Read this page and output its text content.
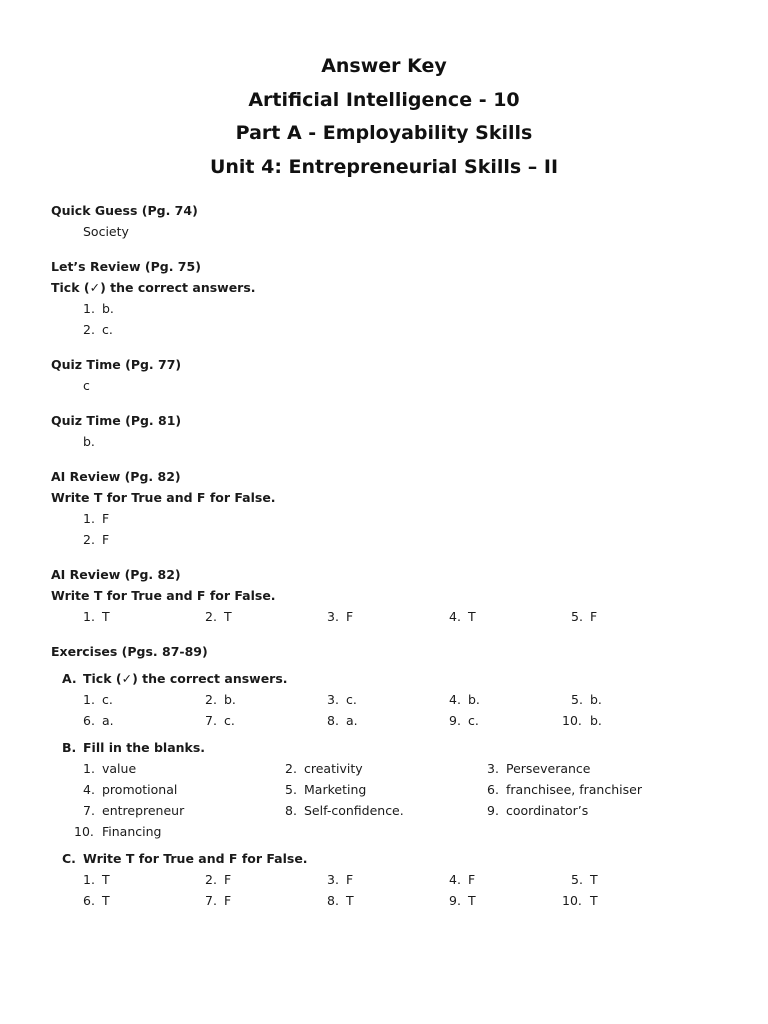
Answer Key
Artificial Intelligence - 10
Part A - Employability Skills
Unit 4: Entrepreneurial Skills – II
Quick Guess (Pg. 74)
Society
Let’s Review (Pg. 75)
Tick (✓) the correct answers.
1. b.
2. c.
Quiz Time (Pg. 77)
c
Quiz Time (Pg. 81)
b.
AI Review (Pg. 82)
Write T for True and F for False.
1. F
2. F
AI Review (Pg. 82)
Write T for True and F for False.
1. T	2. T	3. F	4. T	5. F
Exercises (Pgs. 87-89)
A. Tick (✓) the correct answers.
1. c.	2. b.	3. c.	4. b.	5. b.
6. a.	7. c.	8. a.	9. c.	10. b.
B. Fill in the blanks.
1. value	2. creativity	3. Perseverance
4. promotional	5. Marketing	6. franchisee, franchiser
7. entrepreneur	8. Self-confidence.	9. coordinator’s
10. Financing
C. Write T for True and F for False.
1. T	2. F	3. F	4. F	5. T
6. T	7. F	8. T	9. T	10. T
